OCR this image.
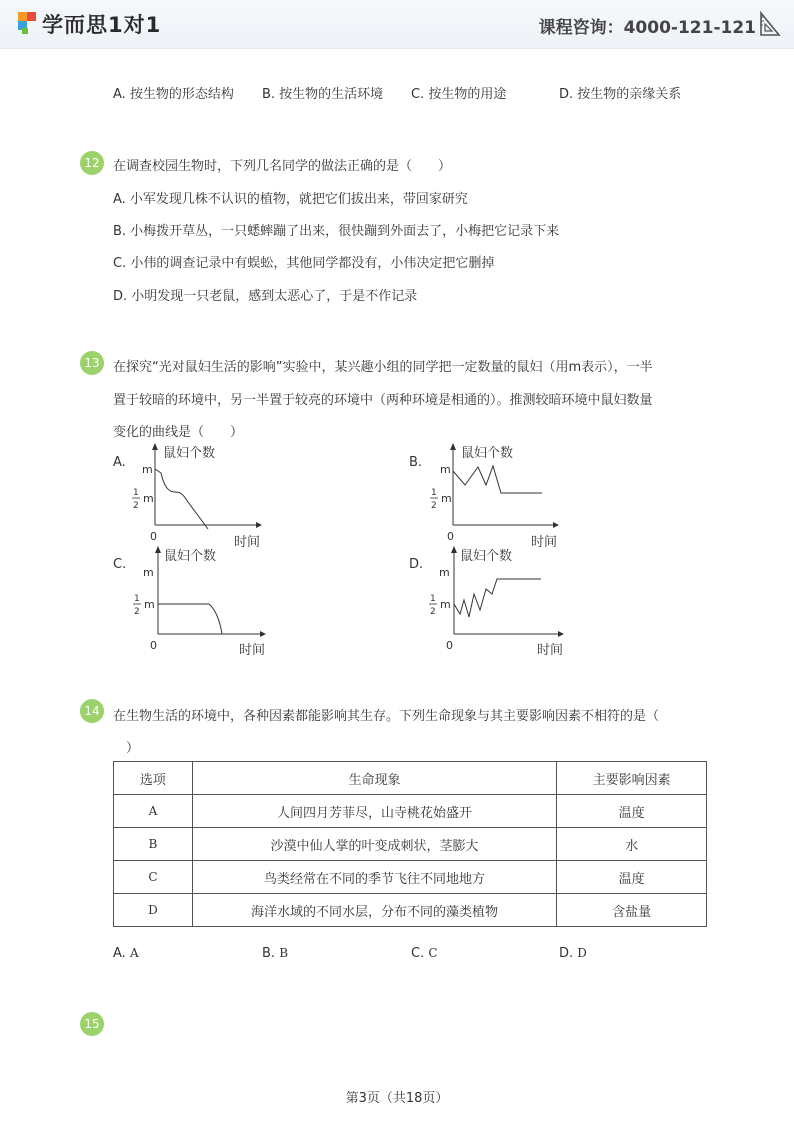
学而思1对1	课程咨询：4000-121-121
A. 按生物的形态结构 B. 按生物的生活环境 C. 按生物的用途	D. 按生物的亲缘关系
12	在调查校园生物时，下列几名同学的做法正确的是（　　）
A. 小军发现几株不认识的植物，就把它们拔出来，带回家研究
B. 小梅拨开草丛，一只蟋蟀蹦了出来，很快蹦到外面去了，小梅把它记录下来
C. 小伟的调查记录中有蜈蚣，其他同学都没有，小伟决定把它删掉
D. 小明发现一只老鼠，感到太恶心了，于是不作记录
13	在探究“光对鼠妇生活的影响”实验中，某兴趣小组的同学把一定数量的鼠妇（用m表示），一半
置于较暗的环境中，另一半置于较亮的环境中（两种环境是相通的）。推测较暗环境中鼠妇数量
变化的曲线是（　　）
A.
鼠妇个数
m
1
2
m
0	时间
B.
鼠妇个数
m
1
2
m
0	时间
C.
鼠妇个数
m
1
2
m
0	时间
D.
鼠妇个数
m
1
2
m
0	时间
14	在生物生活的环境中，各种因素都能影响其生存。下列生命现象与其主要影响因素不相符的是（
）
选项	生命现象	主要影响因素
A	人间四月芳菲尽，山寺桃花始盛开	温度
B	沙漠中仙人掌的叶变成刺状，茎膨大	水
C	鸟类经常在不同的季节飞往不同地地方	温度
D	海洋水域的不同水层，分布不同的藻类植物	含盐量
A. A	B. B	C. C	D. D
15
第3页（共18页）
